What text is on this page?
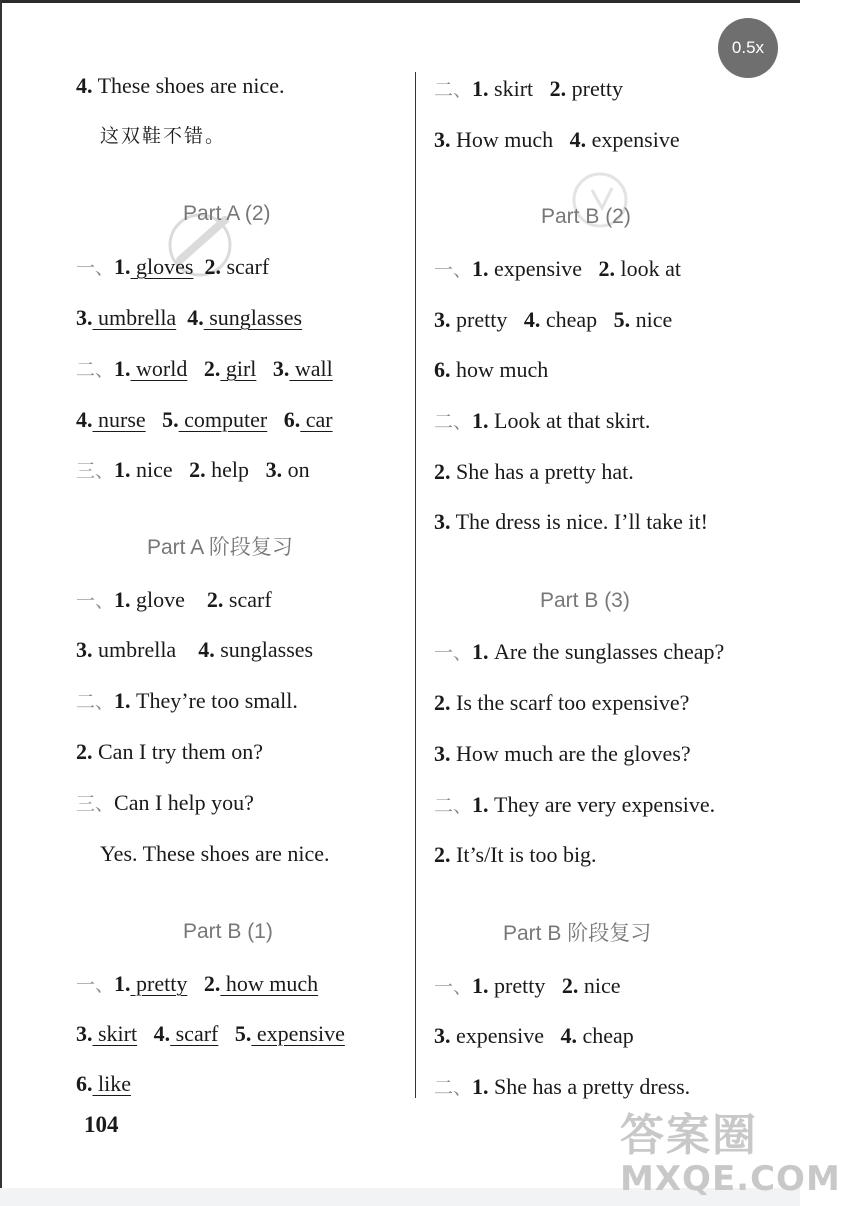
0.5x
4. These shoes are nice.
这双鞋不错。
Part A (2)
一、1. gloves 2. scarf
3. umbrella 4. sunglasses
二、1. world 2. girl 3. wall
4. nurse 5. computer 6. car
三、1. nice 2. help 3. on
Part A 阶段复习
一、1. glove 2. scarf
3. umbrella 4. sunglasses
二、1. They’re too small.
2. Can I try them on?
三、Can I help you?
Yes. These shoes are nice.
Part B (1)
一、1. pretty 2. how much
3. skirt 4. scarf 5. expensive
6. like
104
二、1. skirt 2. pretty
3. How much 4. expensive
Part B (2)
一、1. expensive 2. look at
3. pretty 4. cheap 5. nice
6. how much
二、1. Look at that skirt.
2. She has a pretty hat.
3. The dress is nice. I’ll take it!
Part B (3)
一、1. Are the sunglasses cheap?
2. Is the scarf too expensive?
3. How much are the gloves?
二、1. They are very expensive.
2. It’s/It is too big.
Part B 阶段复习
一、1. pretty 2. nice
3. expensive 4. cheap
二、1. She has a pretty dress.
答案圈
MXQE.COM
